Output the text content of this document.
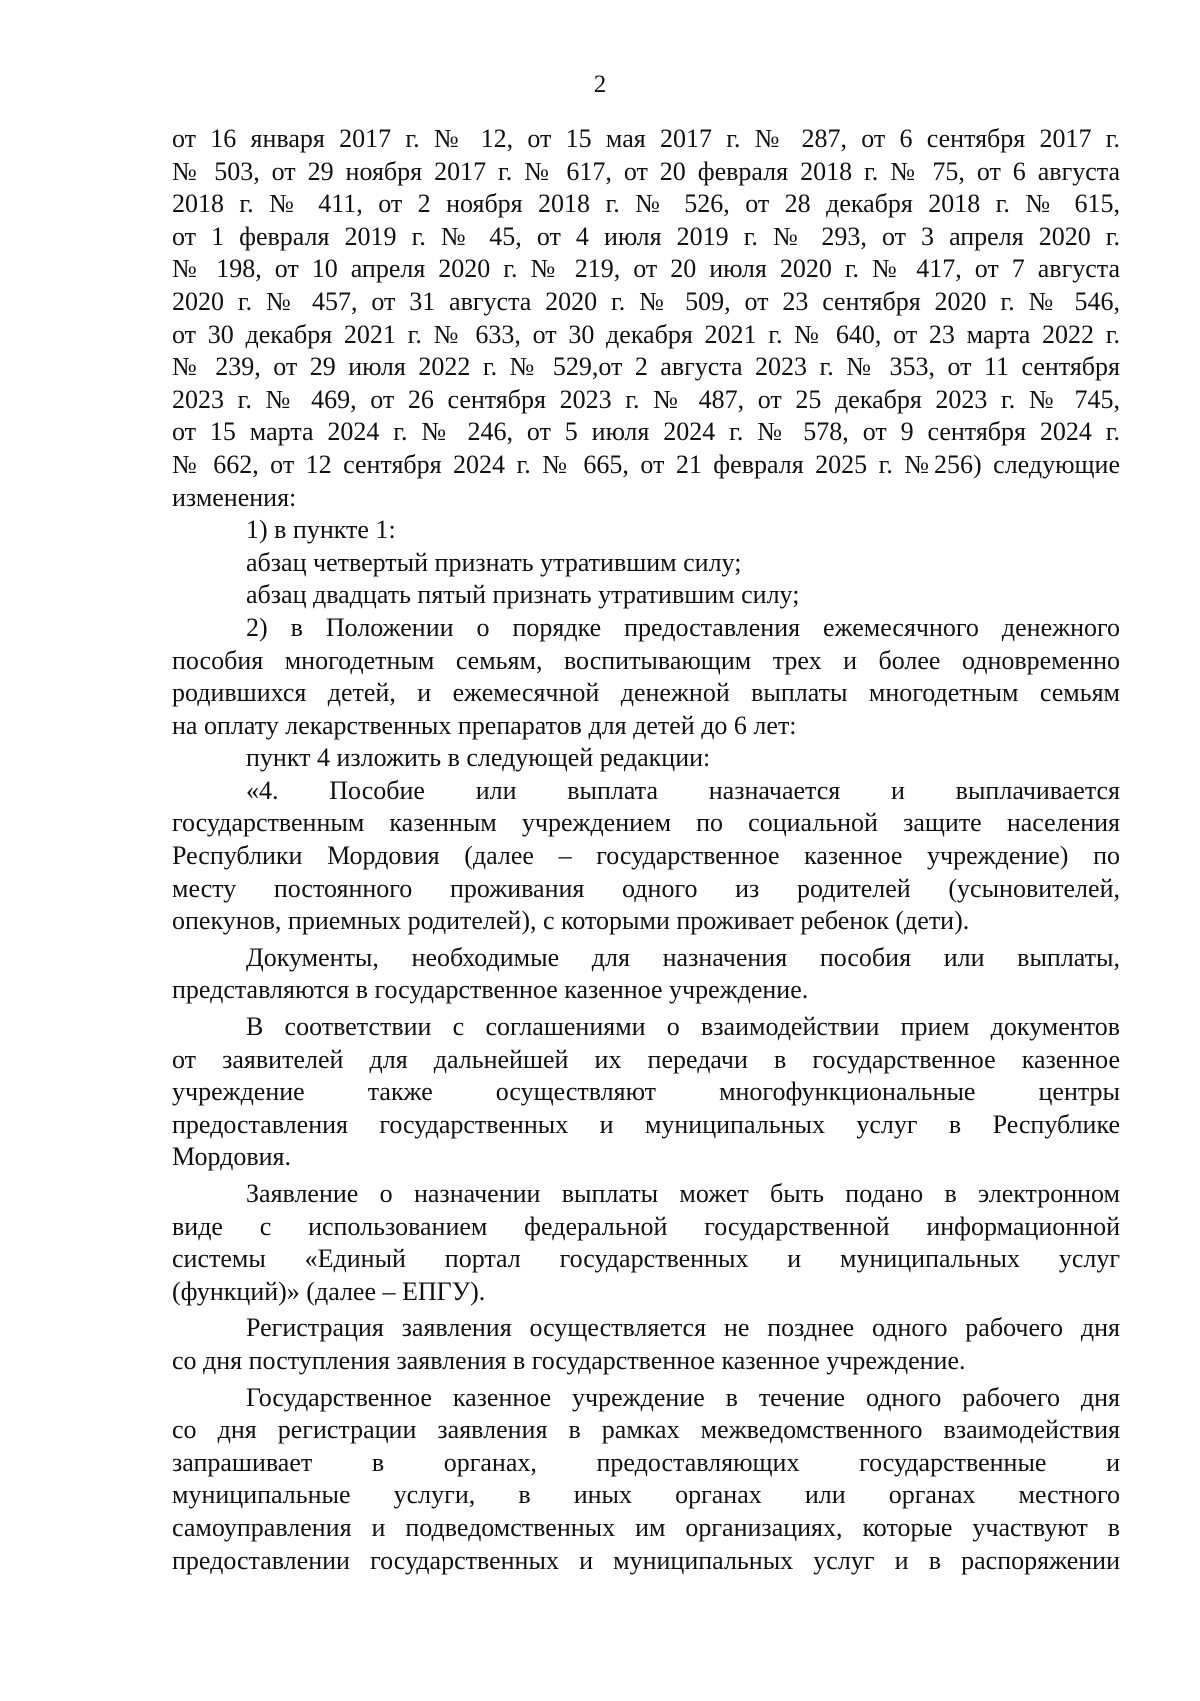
2
от 16 января 2017 г. № 12, от 15 мая 2017 г. № 287, от 6 сентября 2017 г.
№ 503, от 29 ноября 2017 г. № 617, от 20 февраля 2018 г. № 75, от 6 августа
2018 г. № 411, от 2 ноября 2018 г. № 526, от 28 декабря 2018 г. № 615,
от 1 февраля 2019 г. № 45, от 4 июля 2019 г. № 293, от 3 апреля 2020 г.
№ 198, от 10 апреля 2020 г. № 219, от 20 июля 2020 г. № 417, от 7 августа
2020 г. № 457, от 31 августа 2020 г. № 509, от 23 сентября 2020 г. № 546,
от 30 декабря 2021 г. № 633, от 30 декабря 2021 г. № 640, от 23 марта 2022 г.
№ 239, от 29 июля 2022 г. № 529,от 2 августа 2023 г. № 353, от 11 сентября
2023 г. № 469, от 26 сентября 2023 г. № 487, от 25 декабря 2023 г. № 745,
от 15 марта 2024 г. № 246, от 5 июля 2024 г. № 578, от 9 сентября 2024 г.
№ 662, от 12 сентября 2024 г. № 665, от 21 февраля 2025 г. №256) следующие
изменения:
1) в пункте 1:
абзац четвертый признать утратившим силу;
абзац двадцать пятый признать утратившим силу;
2) в Положении о порядке предоставления ежемесячного денежного
пособия многодетным семьям, воспитывающим трех и более одновременно
родившихся детей, и ежемесячной денежной выплаты многодетным семьям
на оплату лекарственных препаратов для детей до 6 лет:
пункт 4 изложить в следующей редакции:
«4. Пособие или выплата назначается и выплачивается
государственным казенным учреждением по социальной защите населения
Республики Мордовия (далее – государственное казенное учреждение) по
месту постоянного проживания одного из родителей (усыновителей,
опекунов, приемных родителей), с которыми проживает ребенок (дети).
Документы, необходимые для назначения пособия или выплаты,
представляются в государственное казенное учреждение.
В соответствии с соглашениями о взаимодействии прием документов
от заявителей для дальнейшей их передачи в государственное казенное
учреждение также осуществляют многофункциональные центры
предоставления государственных и муниципальных услуг в Республике
Мордовия.
Заявление о назначении выплаты может быть подано в электронном
виде с использованием федеральной государственной информационной
системы «Единый портал государственных и муниципальных услуг
(функций)» (далее – ЕПГУ).
Регистрация заявления осуществляется не позднее одного рабочего дня
со дня поступления заявления в государственное казенное учреждение.
Государственное казенное учреждение в течение одного рабочего дня
со дня регистрации заявления в рамках межведомственного взаимодействия
запрашивает в органах, предоставляющих государственные и
муниципальные услуги, в иных органах или органах местного
самоуправления и подведомственных им организациях, которые участвуют в
предоставлении государственных и муниципальных услуг и в распоряжении
